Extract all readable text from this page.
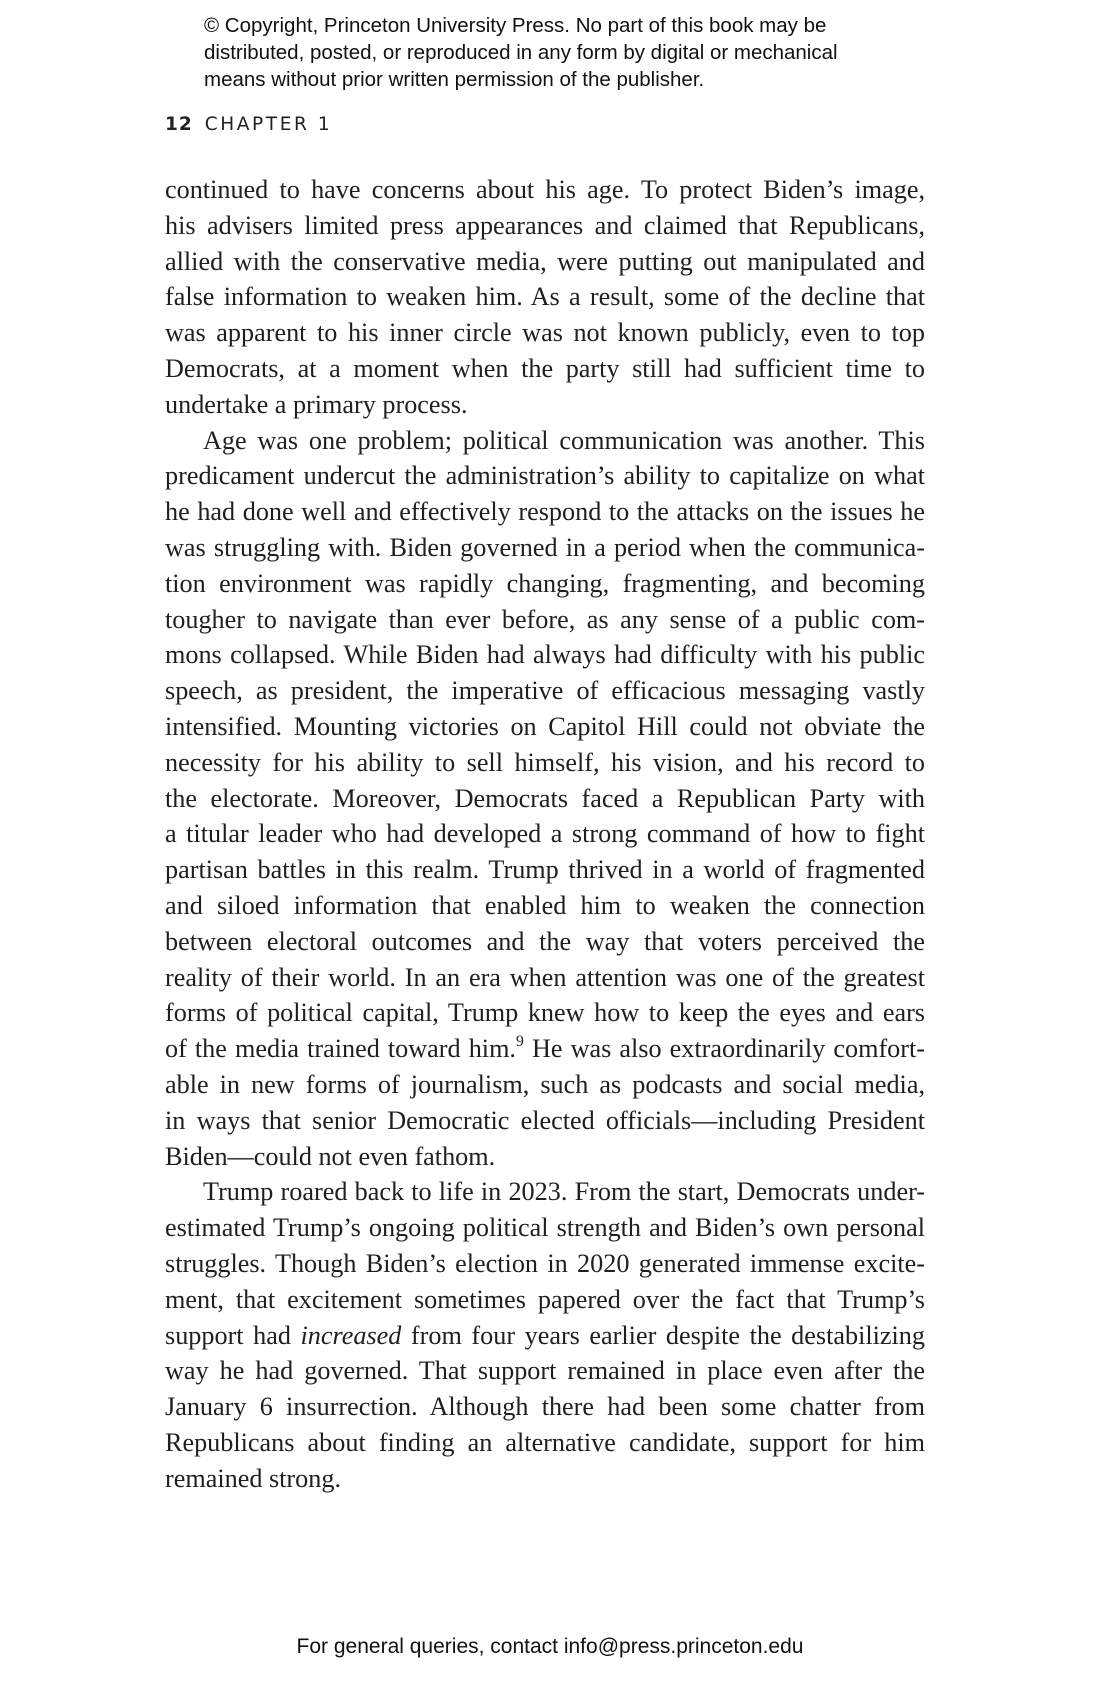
© Copyright, Princeton University Press. No part of this book may be
distributed, posted, or reproduced in any form by digital or mechanical
means without prior written permission of the publisher.
12 CHAPTER 1
continued to have concerns about his age. To protect Biden’s image,
his advisers limited press appearances and claimed that Republicans,
allied with the conservative media, were putting out manipulated and
false information to weaken him. As a result, some of the decline that
was apparent to his inner circle was not known publicly, even to top
Democrats, at a moment when the party still had sufficient time to
undertake a primary process.
Age was one problem; political communication was another. This
predicament undercut the administration’s ability to capitalize on what
he had done well and effectively respond to the attacks on the issues he
was struggling with. Biden governed in a period when the communica-
tion environment was rapidly changing, fragmenting, and becoming
tougher to navigate than ever before, as any sense of a public com-
mons collapsed. While Biden had always had difficulty with his public
speech, as president, the imperative of efficacious messaging vastly
intensified. Mounting victories on Capitol Hill could not obviate the
necessity for his ability to sell himself, his vision, and his record to
the electorate. Moreover, Democrats faced a Republican Party with
a titular leader who had developed a strong command of how to fight
partisan battles in this realm. Trump thrived in a world of fragmented
and siloed information that enabled him to weaken the connection
between electoral outcomes and the way that voters perceived the
reality of their world. In an era when attention was one of the greatest
forms of political capital, Trump knew how to keep the eyes and ears
of the media trained toward him.$^9$ He was also extraordinarily comfort-
able in new forms of journalism, such as podcasts and social media,
in ways that senior Democratic elected officials—including President
Biden—could not even fathom.
Trump roared back to life in 2023. From the start, Democrats under-
estimated Trump’s ongoing political strength and Biden’s own personal
struggles. Though Biden’s election in 2020 generated immense excite-
ment, that excitement sometimes papered over the fact that Trump’s
support had increased from four years earlier despite the destabilizing
way he had governed. That support remained in place even after the
January 6 insurrection. Although there had been some chatter from
Republicans about finding an alternative candidate, support for him
remained strong.
For general queries, contact info@press.princeton.edu
